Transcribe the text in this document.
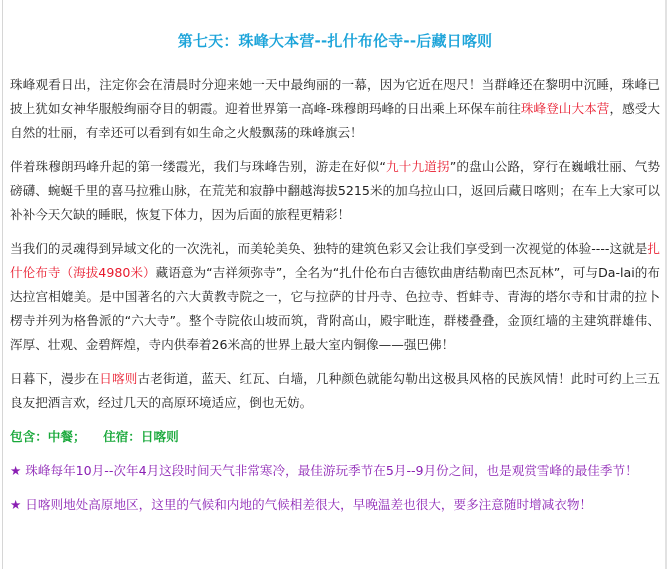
第七天：珠峰大本营--扎什布伦寺--后藏日喀则

珠峰观看日出，注定你会在清晨时分迎来她一天中最绚丽的一幕，因为它近在咫尺！当群峰还在黎明中沉睡，珠峰已披上犹如女神华服般绚丽夺目的朝霞。迎着世界第一高峰-珠穆朗玛峰的日出乘上环保车前往珠峰登山大本营，感受大自然的壮丽，有幸还可以看到有如生命之火般飘荡的珠峰旗云！

伴着珠穆朗玛峰升起的第一缕霞光，我们与珠峰告别，游走在好似“九十九道拐”的盘山公路，穿行在巍峨壮丽、气势磅礴、蜿蜒千里的喜马拉雅山脉，在荒芜和寂静中翻越海拔5215米的加乌拉山口，返回后藏日喀则；在车上大家可以补补今天欠缺的睡眠，恢复下体力，因为后面的旅程更精彩！

当我们的灵魂得到异域文化的一次洗礼，而美轮美奂、独特的建筑色彩又会让我们享受到一次视觉的体验----这就是扎什伦布寺（海拔4980米）藏语意为“吉祥须弥寺”，全名为“扎什伦布白吉德钦曲唐结勒南巴杰瓦林”，可与Da-lai的布达拉宫相媲美。是中国著名的六大黄教寺院之一，它与拉萨的甘丹寺、色拉寺、哲蚌寺、青海的塔尔寺和甘肃的拉卜楞寺并列为格鲁派的“六大寺”。整个寺院依山坡而筑，背附高山，殿宇毗连，群楼叠叠，金顶红墙的主建筑群雄伟、浑厚、壮观、金碧辉煌，寺内供奉着26米高的世界上最大室内铜像——强巴佛！

日暮下，漫步在日喀则古老街道，蓝天、红瓦、白墙，几种颜色就能勾勒出这极具风格的民族风情！此时可约上三五良友把酒言欢，经过几天的高原环境适应，倒也无妨。

包含：中餐； 住宿：日喀则

★ 珠峰每年10月--次年4月这段时间天气非常寒冷，最佳游玩季节在5月--9月份之间，也是观赏雪峰的最佳季节！

★ 日喀则地处高原地区，这里的气候和内地的气候相差很大，早晚温差也很大，要多注意随时增减衣物！
